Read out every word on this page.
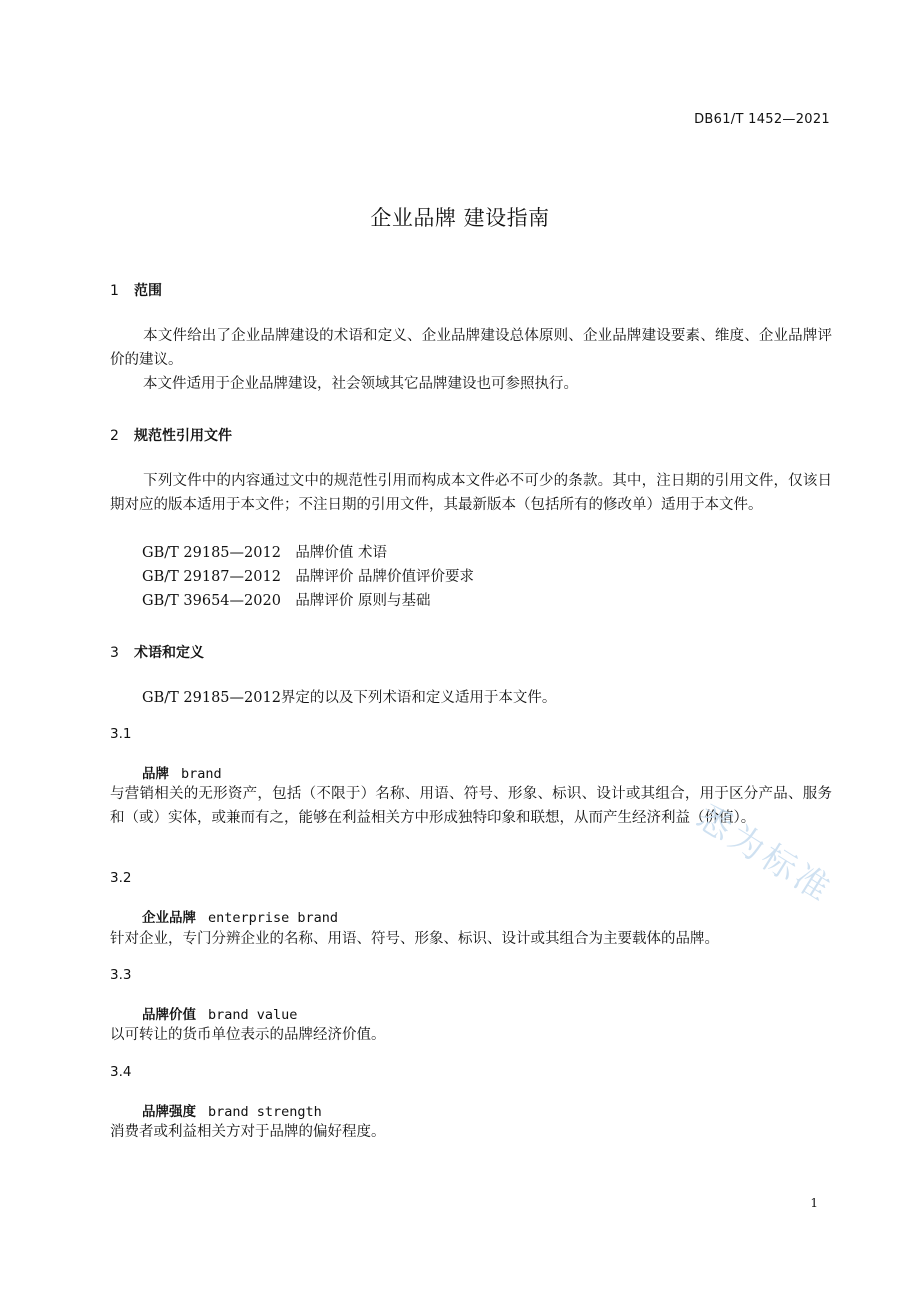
DB61/T 1452—2021
企业品牌 建设指南
1 范围
本文件给出了企业品牌建设的术语和定义、企业品牌建设总体原则、企业品牌建设要素、维度、企业品牌评价的建议。
本文件适用于企业品牌建设，社会领域其它品牌建设也可参照执行。
2 规范性引用文件
下列文件中的内容通过文中的规范性引用而构成本文件必不可少的条款。其中，注日期的引用文件，仅该日期对应的版本适用于本文件；不注日期的引用文件，其最新版本（包括所有的修改单）适用于本文件。
GB/T 29185—2012　品牌价值 术语
GB/T 29187—2012　品牌评价 品牌价值评价要求
GB/T 39654—2020　品牌评价 原则与基础
3 术语和定义
GB/T 29185—2012界定的以及下列术语和定义适用于本文件。
3.1
品牌 brand
与营销相关的无形资产，包括（不限于）名称、用语、符号、形象、标识、设计或其组合，用于区分产品、服务和（或）实体，或兼而有之，能够在利益相关方中形成独特印象和联想，从而产生经济利益（价值）。
3.2
企业品牌 enterprise brand
针对企业，专门分辨企业的名称、用语、符号、形象、标识、设计或其组合为主要载体的品牌。
3.3
品牌价值 brand value
以可转让的货币单位表示的品牌经济价值。
3.4
品牌强度 brand strength
消费者或利益相关方对于品牌的偏好程度。
悉为标准
1
